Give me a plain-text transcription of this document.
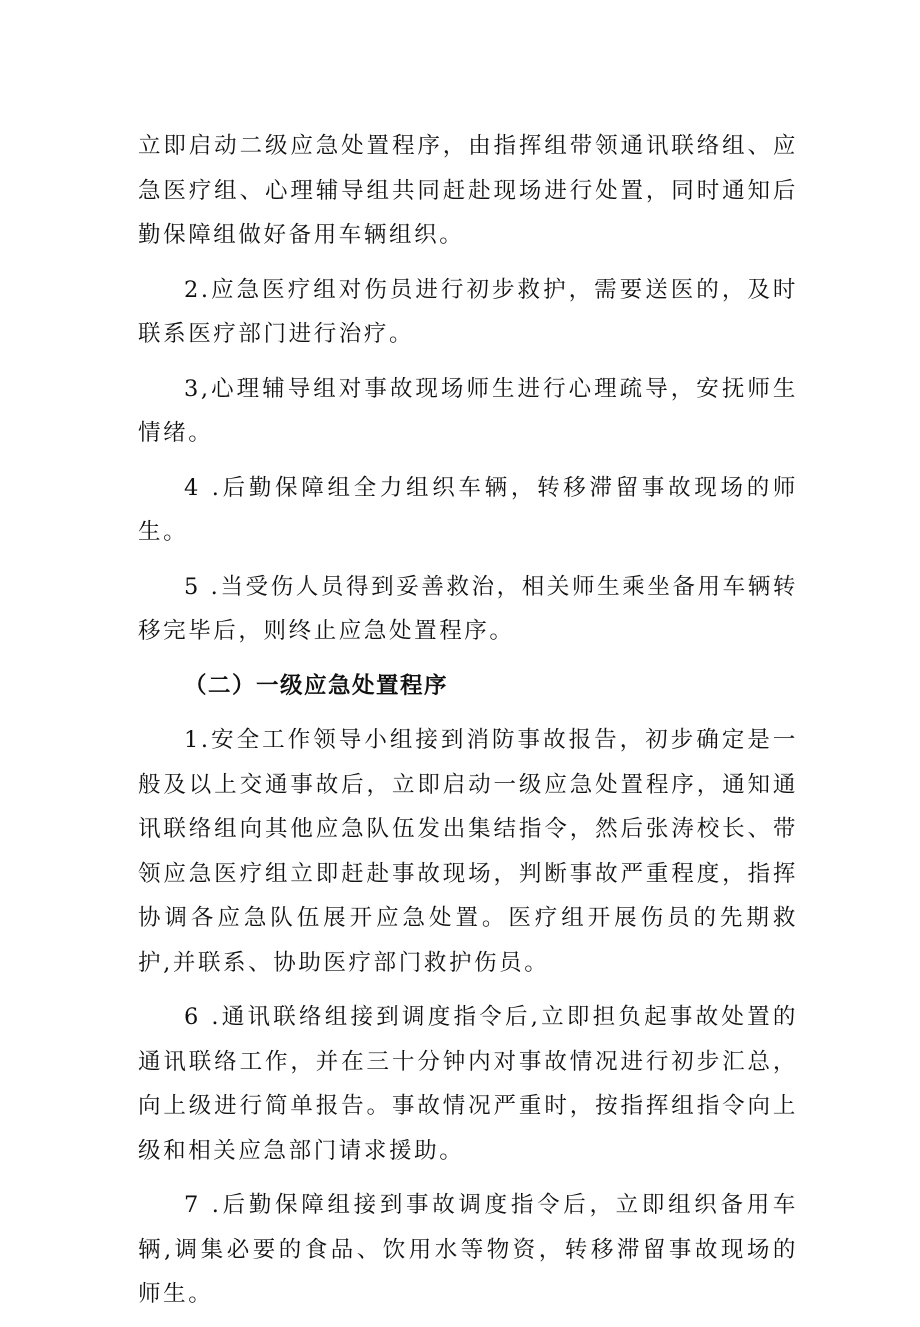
立即启动二级应急处置程序，由指挥组带领通讯联络组、应急医疗组、心理辅导组共同赶赴现场进行处置，同时通知后勤保障组做好备用车辆组织。

2.应急医疗组对伤员进行初步救护，需要送医的，及时联系医疗部门进行治疗。

3,心理辅导组对事故现场师生进行心理疏导，安抚师生情绪。

4 .后勤保障组全力组织车辆，转移滞留事故现场的师生。

5 .当受伤人员得到妥善救治，相关师生乘坐备用车辆转移完毕后，则终止应急处置程序。

（二）一级应急处置程序

1.安全工作领导小组接到消防事故报告，初步确定是一般及以上交通事故后，立即启动一级应急处置程序，通知通讯联络组向其他应急队伍发出集结指令，然后张涛校长、带领应急医疗组立即赶赴事故现场，判断事故严重程度，指挥协调各应急队伍展开应急处置。医疗组开展伤员的先期救护,并联系、协助医疗部门救护伤员。

6 .通讯联络组接到调度指令后,立即担负起事故处置的通讯联络工作，并在三十分钟内对事故情况进行初步汇总，向上级进行简单报告。事故情况严重时，按指挥组指令向上级和相关应急部门请求援助。

7 .后勤保障组接到事故调度指令后，立即组织备用车辆,调集必要的食品、饮用水等物资，转移滞留事故现场的师生。
